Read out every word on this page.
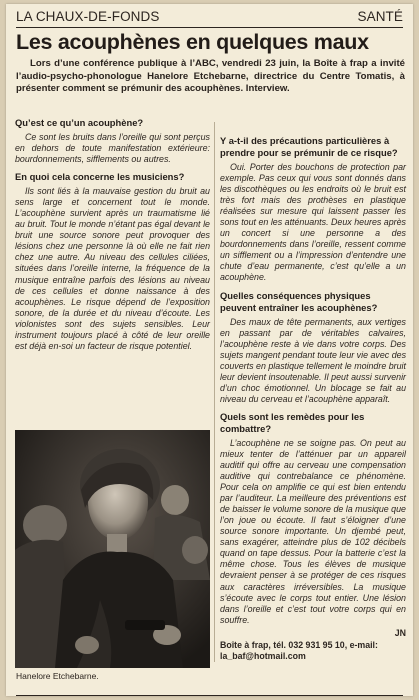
LA CHAUX-DE-FONDS	SANTÉ
Les acouphènes en quelques maux
Lors d’une conférence publique à l’ABC, vendredi 23 juin, la Boîte à frap a invité l’audio-psycho-phonologue Hanelore Etchebarne, directrice du Centre Tomatis, à présenter comment se prémunir des acouphènes. Interview.
Qu’est ce qu’un acouphène?
Ce sont les bruits dans l’oreille qui sont perçus en dehors de toute manifestation extérieure: bourdonnements, sifflements ou autres.
En quoi cela concerne les musiciens?
Ils sont liés à la mauvaise gestion du bruit au sens large et concernent tout le monde. L’acouphène survient après un traumatisme lié au bruit. Tout le monde n’étant pas égal devant le bruit une source sonore peut provoquer des lésions chez une personne là où elle ne fait rien chez une autre. Au niveau des cellules ciliées, situées dans l’oreille interne, la fréquence de la musique entraîne parfois des lésions au niveau de ces cellules et donne naissance à des acouphènes. Le risque dépend de l’exposition sonore, de la durée et du niveau d’écoute. Les violonistes sont des sujets sensibles. Leur instrument toujours placé à côté de leur oreille est déjà en-soi un facteur de risque potentiel.
Hanelore Etchebarne.
Y a-t-il des précautions particulières à prendre pour se prémunir de ce risque?
Oui. Porter des bouchons de protection par exemple. Pas ceux qui vous sont donnés dans les discothèques ou les endroits où le bruit est très fort mais des prothèses en plastique réalisées sur mesure qui laissent passer les sons tout en les atténuants. Deux heures après un concert si une personne a des bourdonnements dans l’oreille, ressent comme un sifflement ou a l’impression d’entendre une chute d’eau permanente, c’est qu’elle a un acouphène.
Quelles conséquences physiques peuvent entraîner les acouphènes?
Des maux de tête permanents, aux vertiges en passant par de véritables calvaires, l’acouphène reste à vie dans votre corps. Des sujets mangent pendant toute leur vie avec des couverts en plastique tellement le moindre bruit leur devient insoutenable. Il peut aussi survenir d’un choc émotionnel. Un blocage se fait au niveau du cerveau et l’acouphène apparaît.
Quels sont les remèdes pour les combattre?
L’acouphène ne se soigne pas. On peut au mieux tenter de l’atténuer par un appareil auditif qui offre au cerveau une compensation auditive qui contrebalance ce phénomène. Pour cela on amplifie ce qui est bien entendu par l’auditeur. La meilleure des préventions est de baisser le volume sonore de la musique que l’on joue ou écoute. Il faut s’éloigner d’une source sonore importante. Un djembé peut, sans exagérer, atteindre plus de 102 décibels quand on tape dessus. Pour la batterie c’est la même chose. Tous les élèves de musique devraient penser à se protéger de ces risques aux caractères irréversibles. La musique s’écoute avec le corps tout entier. Une lésion dans l’oreille et c’est tout votre corps qui en souffre.
JN
Boîte à frap, tél. 032 931 95 10, e-mail: la_baf@hotmail.com
